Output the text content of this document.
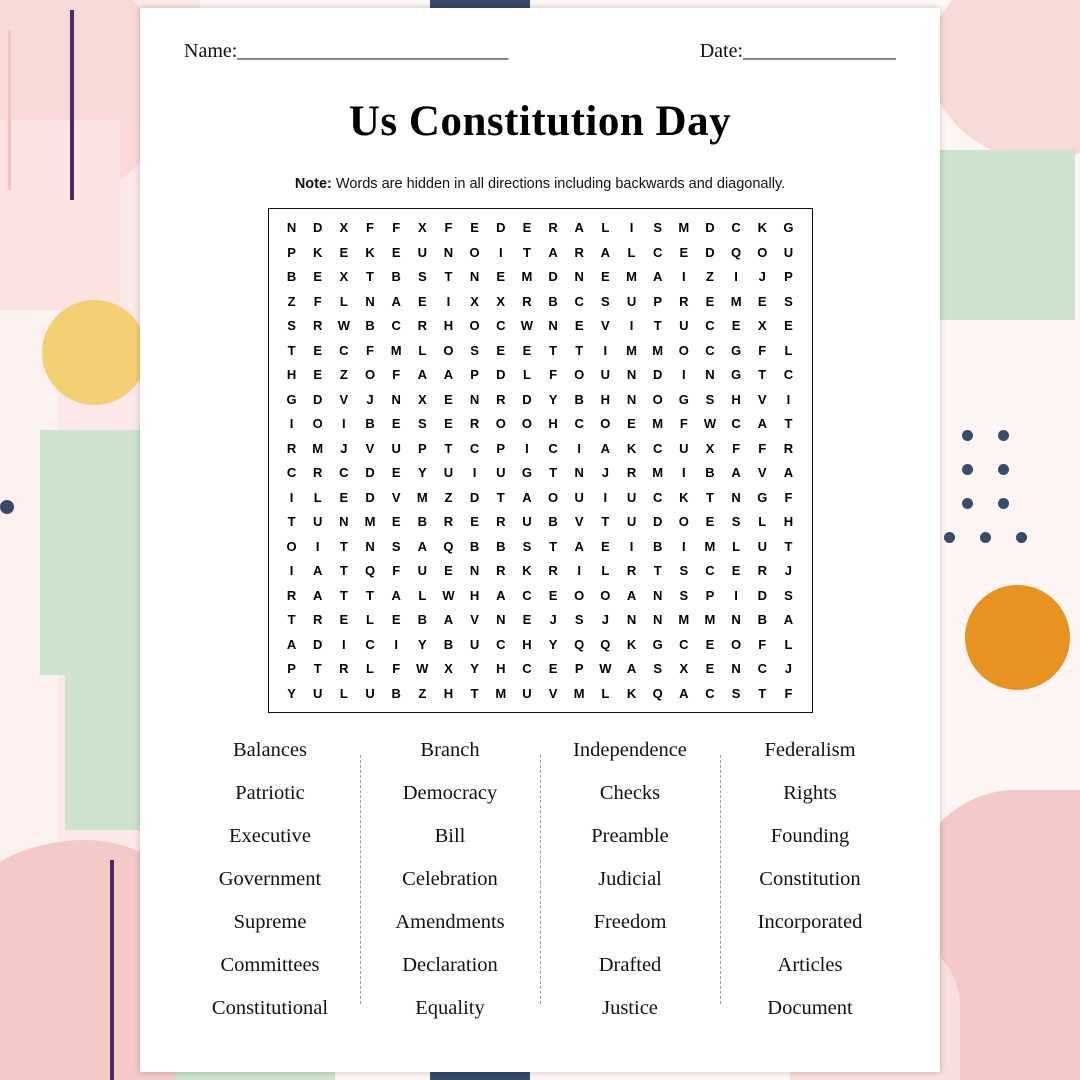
Name: ______________________________	Date: _________________
Us Constitution Day
Note: Words are hidden in all directions including backwards and diagonally.
N	D	X	F	F	X	F	E	D	E	R	A	L	I	S	M	D	C	K	G
P	K	E	K	E	U	N	O	I	T	A	R	A	L	C	E	D	Q	O	U
B	E	X	T	B	S	T	N	E	M	D	N	E	M	A	I	Z	I	J	P
Z	F	L	N	A	E	I	X	X	R	B	C	S	U	P	R	E	M	E	S
S	R	W	B	C	R	H	O	C	W	N	E	V	I	T	U	C	E	X	E
T	E	C	F	M	L	O	S	E	E	T	T	I	M	M	O	C	G	F	L
H	E	Z	O	F	A	A	P	D	L	F	O	U	N	D	I	N	G	T	C
G	D	V	J	N	X	E	N	R	D	Y	B	H	N	O	G	S	H	V	I
I	O	I	B	E	S	E	R	O	O	H	C	O	E	M	F	W	C	A	T
R	M	J	V	U	P	T	C	P	I	C	I	A	K	C	U	X	F	F	R
C	R	C	D	E	Y	U	I	U	G	T	N	J	R	M	I	B	A	V	A
I	L	E	D	V	M	Z	D	T	A	O	U	I	U	C	K	T	N	G	F
T	U	N	M	E	B	R	E	R	U	B	V	T	U	D	O	E	S	L	H
O	I	T	N	S	A	Q	B	B	S	T	A	E	I	B	I	M	L	U	T
I	A	T	Q	F	U	E	N	R	K	R	I	L	R	T	S	C	E	R	J
R	A	T	T	A	L	W	H	A	C	E	O	O	A	N	S	P	I	D	S
T	R	E	L	E	B	A	V	N	E	J	S	J	N	N	M	M	N	B	A
A	D	I	C	I	Y	B	U	C	H	Y	Q	Q	K	G	C	E	O	F	L
P	T	R	L	F	W	X	Y	H	C	E	P	W	A	S	X	E	N	C	J
Y	U	L	U	B	Z	H	T	M	U	V	M	L	K	Q	A	C	S	T	F
Balances
Patriotic
Executive
Government
Supreme
Committees
Constitutional
Branch
Democracy
Bill
Celebration
Amendments
Declaration
Equality
Independence
Checks
Preamble
Judicial
Freedom
Drafted
Justice
Federalism
Rights
Founding
Constitution
Incorporated
Articles
Document
